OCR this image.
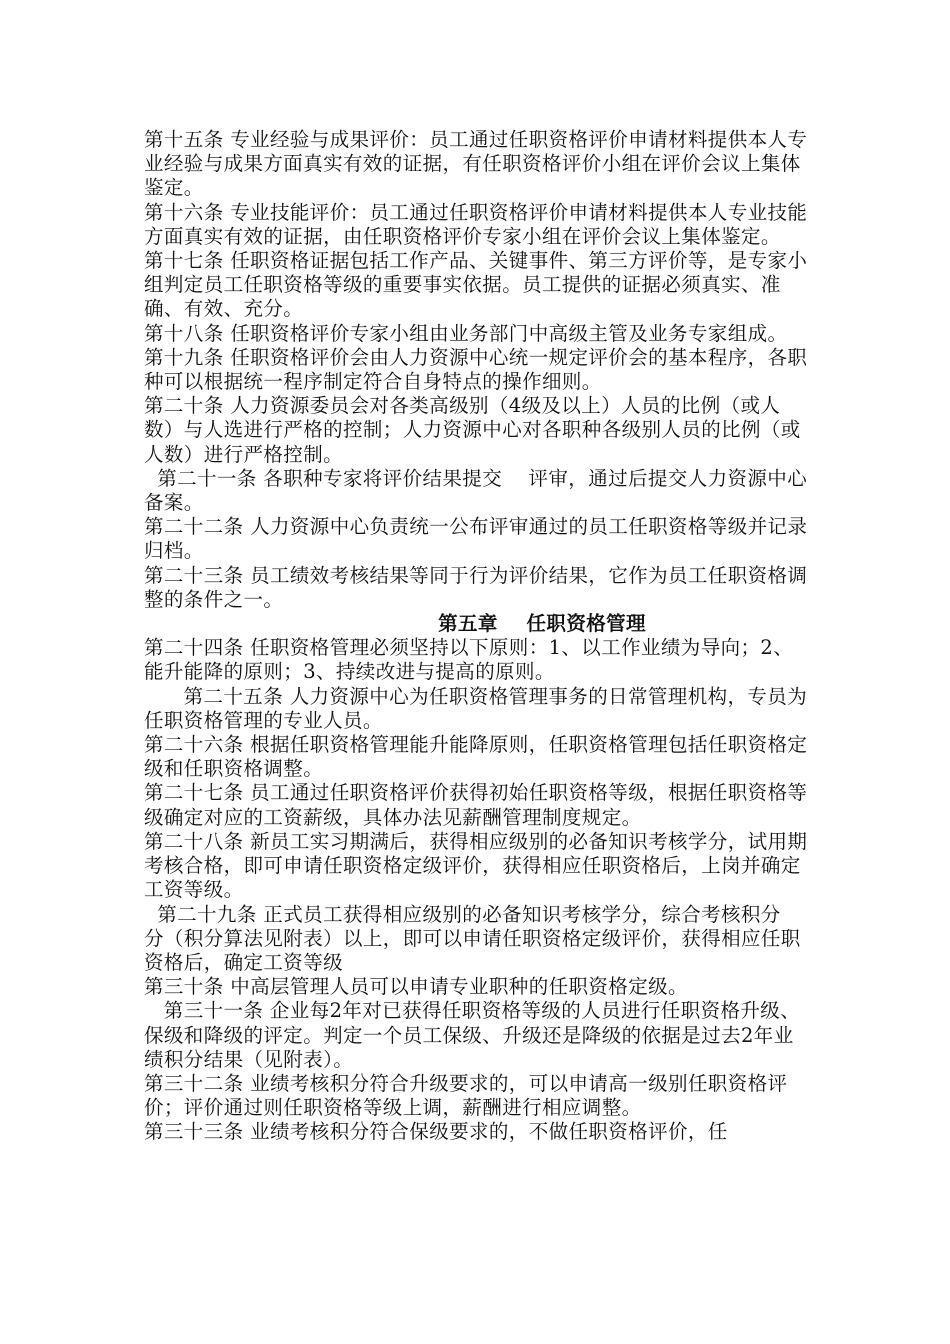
第十五条 专业经验与成果评价：员工通过任职资格评价申请材料提供本人专业经验与成果方面真实有效的证据，有任职资格评价小组在评价会议上集体鉴定。

第十六条 专业技能评价：员工通过任职资格评价申请材料提供本人专业技能方面真实有效的证据，由任职资格评价专家小组在评价会议上集体鉴定。

第十七条 任职资格证据包括工作产品、关键事件、第三方评价等，是专家小组判定员工任职资格等级的重要事实依据。员工提供的证据必须真实、准确、有效、充分。

第十八条 任职资格评价专家小组由业务部门中高级主管及业务专家组成。

第十九条 任职资格评价会由人力资源中心统一规定评价会的基本程序，各职种可以根据统一程序制定符合自身特点的操作细则。

第二十条 人力资源委员会对各类高级别（4级及以上）人员的比例（或人数）与人选进行严格的控制；人力资源中心对各职种各级别人员的比例（或人数）进行严格控制。

第二十一条 各职种专家将评价结果提交    评审，通过后提交人力资源中心备案。

第二十二条 人力资源中心负责统一公布评审通过的员工任职资格等级并记录归档。

第二十三条 员工绩效考核结果等同于行为评价结果，它作为员工任职资格调整的条件之一。

第五章    任职资格管理

第二十四条 任职资格管理必须坚持以下原则：1、以工作业绩为导向；2、能升能降的原则；3、持续改进与提高的原则。

第二十五条 人力资源中心为任职资格管理事务的日常管理机构，专员为任职资格管理的专业人员。

第二十六条 根据任职资格管理能升能降原则，任职资格管理包括任职资格定级和任职资格调整。

第二十七条 员工通过任职资格评价获得初始任职资格等级，根据任职资格等级确定对应的工资薪级，具体办法见薪酬管理制度规定。

第二十八条 新员工实习期满后，获得相应级别的必备知识考核学分，试用期考核合格，即可申请任职资格定级评价，获得相应任职资格后，上岗并确定工资等级。

第二十九条 正式员工获得相应级别的必备知识考核学分，综合考核积分  分（积分算法见附表）以上，即可以申请任职资格定级评价，获得相应任职资格后，确定工资等级

第三十条 中高层管理人员可以申请专业职种的任职资格定级。

第三十一条 企业每2年对已获得任职资格等级的人员进行任职资格升级、保级和降级的评定。判定一个员工保级、升级还是降级的依据是过去2年业绩积分结果（见附表）。

第三十二条 业绩考核积分符合升级要求的，可以申请高一级别任职资格评价；评价通过则任职资格等级上调，薪酬进行相应调整。

第三十三条 业绩考核积分符合保级要求的，不做任职资格评价，任
